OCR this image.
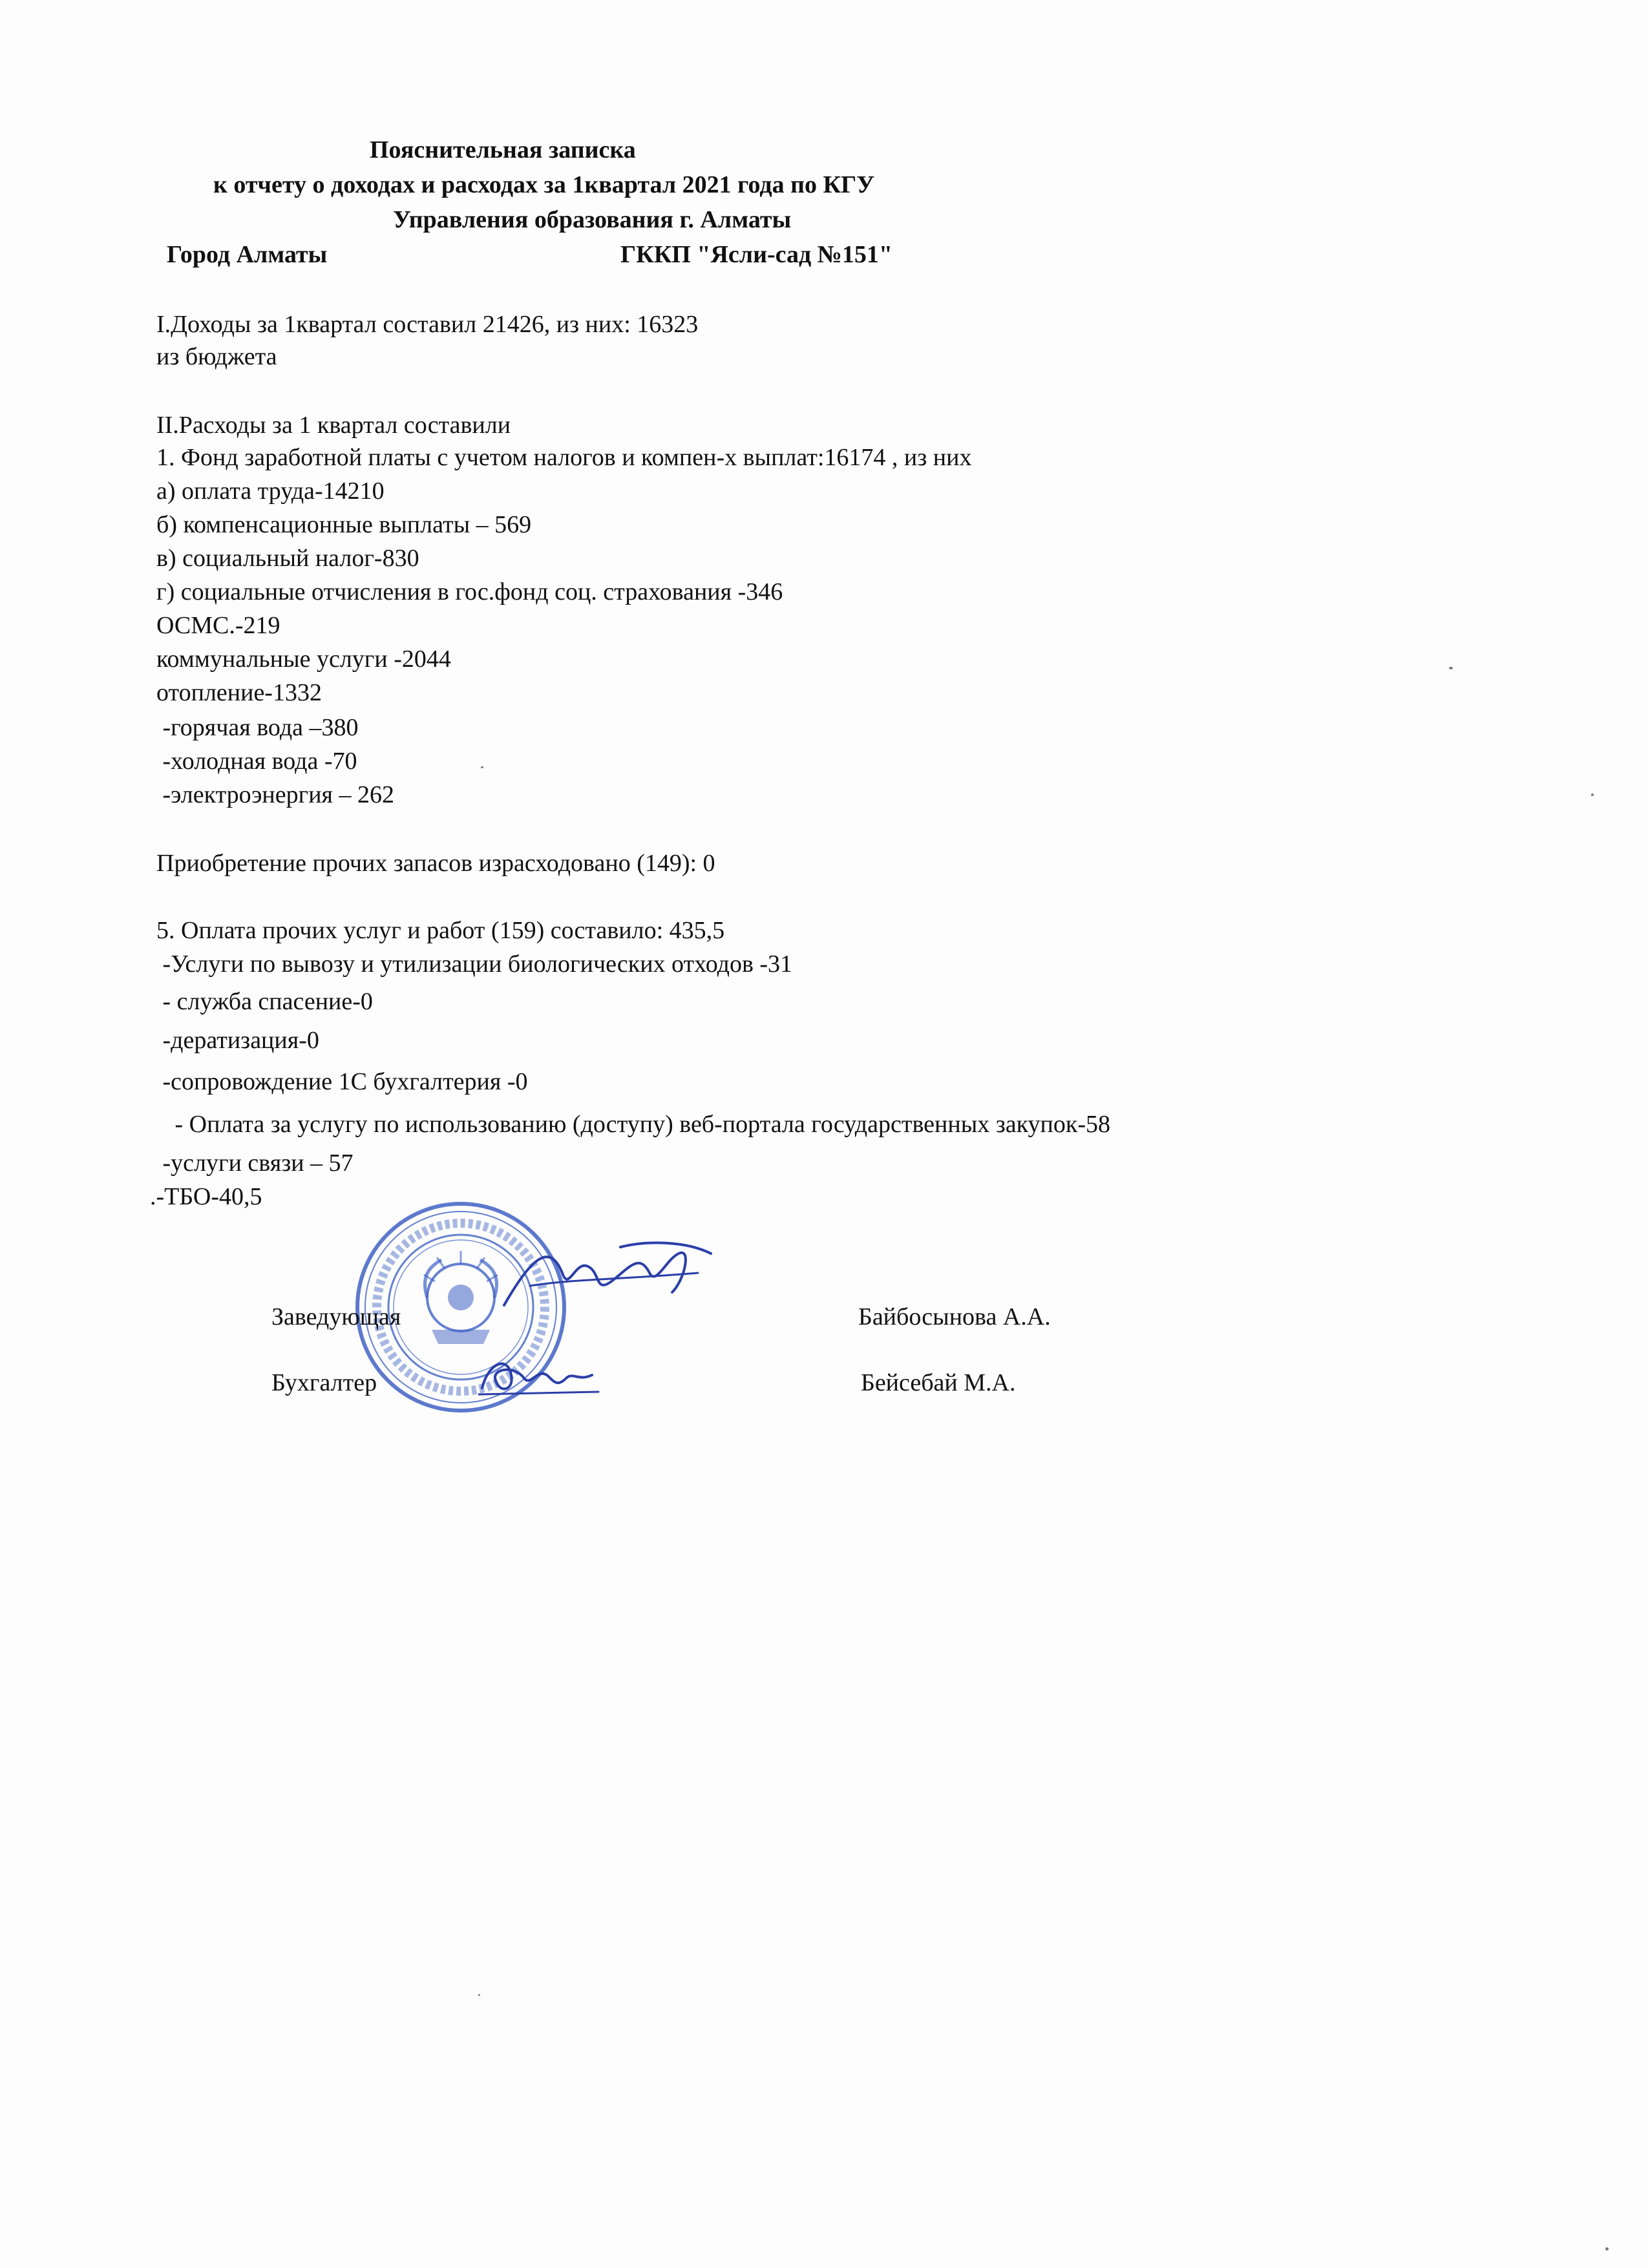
Пояснительная записка
к отчету о доходах и расходах за 1квартал 2021 года по КГУ
Управления образования г. Алматы
Город Алматы	ГККП "Ясли-сад №151"
I.Доходы за 1квартал составил 21426, из них: 16323
из бюджета
II.Расходы за 1 квартал составили
1. Фонд заработной платы с учетом налогов и компен-х выплат:16174 , из них
а) оплата труда-14210
б) компенсационные выплаты – 569
в) социальный налог-830
г) социальные отчисления в гос.фонд соц. страхования -346
ОСМС.-219
коммунальные услуги -2044
отопление-1332
-горячая вода –380
-холодная вода -70
-электроэнергия – 262
Приобретение прочих запасов израсходовано (149): 0
5. Оплата прочих услуг и работ (159) составило: 435,5
-Услуги по вывозу и утилизации биологических отходов -31
- служба спасение-0
-дератизация-0
-сопровождение 1С бухгалтерия -0
- Оплата за услугу по использованию (доступу) веб-портала государственных закупок-58
-услуги связи – 57
.-ТБО-40,5
Заведующая	Байбосынова А.А.
Бухгалтер	Бейсебай М.А.
